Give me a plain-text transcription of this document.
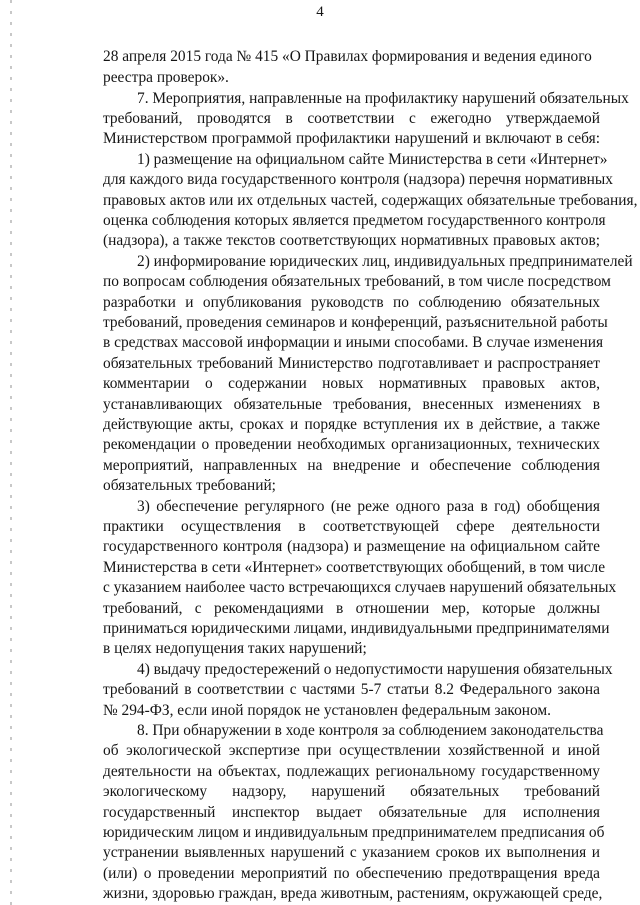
4
28 апреля 2015 года № 415 «О Правилах формирования и ведения единого
реестра проверок».
7. Мероприятия, направленные на профилактику нарушений обязательных
требований, проводятся в соответствии с ежегодно утверждаемой
Министерством программой профилактики нарушений и включают в себя:
1) размещение на официальном сайте Министерства в сети «Интернет»
для каждого вида государственного контроля (надзора) перечня нормативных
правовых актов или их отдельных частей, содержащих обязательные требования,
оценка соблюдения которых является предметом государственного контроля
(надзора), а также текстов соответствующих нормативных правовых актов;
2) информирование юридических лиц, индивидуальных предпринимателей
по вопросам соблюдения обязательных требований, в том числе посредством
разработки и опубликования руководств по соблюдению обязательных
требований, проведения семинаров и конференций, разъяснительной работы
в средствах массовой информации и иными способами. В случае изменения
обязательных требований Министерство подготавливает и распространяет
комментарии о содержании новых нормативных правовых актов,
устанавливающих обязательные требования, внесенных изменениях в
действующие акты, сроках и порядке вступления их в действие, а также
рекомендации о проведении необходимых организационных, технических
мероприятий, направленных на внедрение и обеспечение соблюдения
обязательных требований;
3) обеспечение регулярного (не реже одного раза в год) обобщения
практики осуществления в соответствующей сфере деятельности
государственного контроля (надзора) и размещение на официальном сайте
Министерства в сети «Интернет» соответствующих обобщений, в том числе
с указанием наиболее часто встречающихся случаев нарушений обязательных
требований, с рекомендациями в отношении мер, которые должны
приниматься юридическими лицами, индивидуальными предпринимателями
в целях недопущения таких нарушений;
4) выдачу предостережений о недопустимости нарушения обязательных
требований в соответствии с частями 5-7 статьи 8.2 Федерального закона
№ 294-ФЗ, если иной порядок не установлен федеральным законом.
8. При обнаружении в ходе контроля за соблюдением законодательства
об экологической экспертизе при осуществлении хозяйственной и иной
деятельности на объектах, подлежащих региональному государственному
экологическому надзору, нарушений обязательных требований
государственный инспектор выдает обязательные для исполнения
юридическим лицом и индивидуальным предпринимателем предписания об
устранении выявленных нарушений с указанием сроков их выполнения и
(или) о проведении мероприятий по обеспечению предотвращения вреда
жизни, здоровью граждан, вреда животным, растениям, окружающей среде,
